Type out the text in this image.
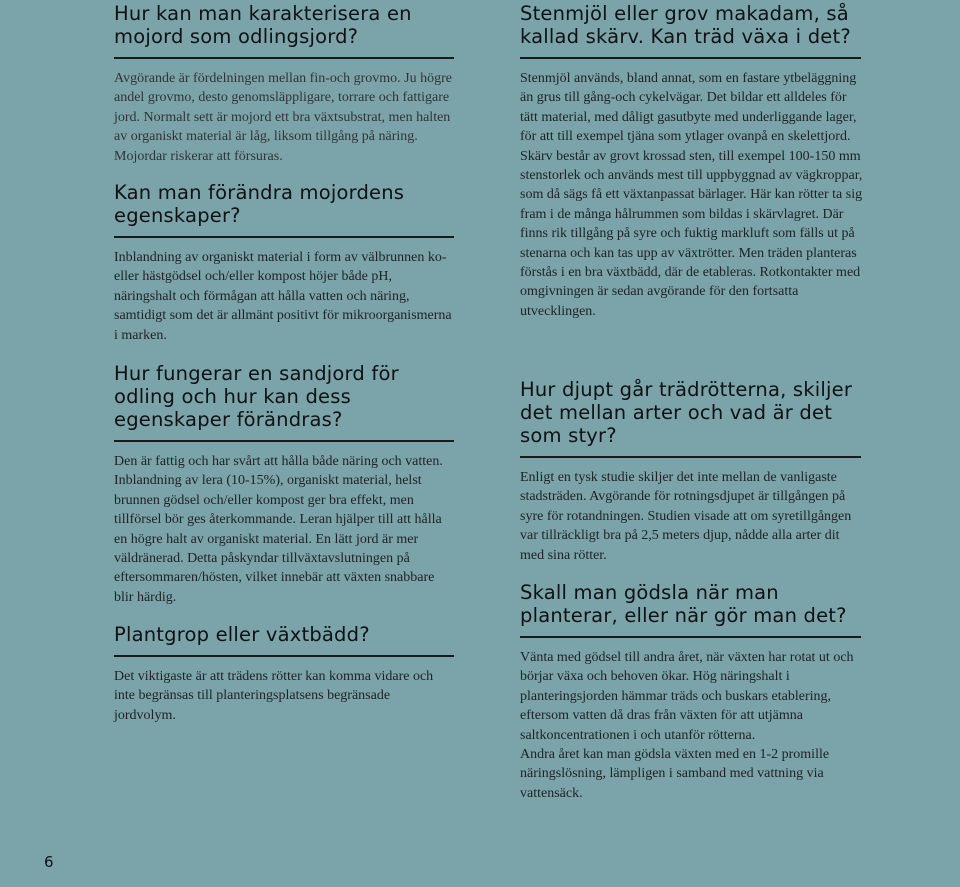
Hur kan man karakterisera en mojord som odlingsjord?

Avgörande är fördelningen mellan fin-och grovmo. Ju högre andel grovmo, desto genomsläppligare, torrare och fattigare jord. Normalt sett är mojord ett bra växtsubstrat, men halten av organiskt material är låg, liksom tillgång på näring. Mojordar riskerar att försuras.

Kan man förändra mojordens egenskaper?

Inblandning av organiskt material i form av välbrunnen ko- eller hästgödsel och/eller kompost höjer både pH, näringshalt och förmågan att hålla vatten och näring, samtidigt som det är allmänt positivt för mikroorganismerna i marken.

Hur fungerar en sandjord för odling och hur kan dess egenskaper förändras?

Den är fattig och har svårt att hålla både näring och vatten. Inblandning av lera (10-15%), organiskt material, helst brunnen gödsel och/eller kompost ger bra effekt, men tillförsel bör ges återkommande. Leran hjälper till att hålla en högre halt av organiskt material. En lätt jord är mer väldränerad. Detta påskyndar tillväxtavslutningen på eftersommaren/hösten, vilket innebär att växten snabbare blir härdig.

Plantgrop eller växtbädd?

Det viktigaste är att trädens rötter kan komma vidare och inte begränsas till planteringsplatsens begränsade jordvolym.

Stenmjöl eller grov makadam, så kallad skärv. Kan träd växa i det?

Stenmjöl används, bland annat, som en fastare ytbeläggning än grus till gång-och cykelvägar. Det bildar ett alldeles för tätt material, med dåligt gasutbyte med underliggande lager, för att till exempel tjäna som ytlager ovanpå en skelettjord. Skärv består av grovt krossad sten, till exempel 100-150 mm stenstorlek och används mest till uppbyggnad av vägkroppar, som då sägs få ett växtanpassat bärlager. Här kan rötter ta sig fram i de många hålrummen som bildas i skärvlagret. Där finns rik tillgång på syre och fuktig markluft som fälls ut på stenarna och kan tas upp av växtrötter. Men träden planteras förstås i en bra växtbädd, där de etableras. Rotkontakter med omgivningen är sedan avgörande för den fortsatta utvecklingen.

Hur djupt går trädrötterna, skiljer det mellan arter och vad är det som styr?

Enligt en tysk studie skiljer det inte mellan de vanligaste stadsträden. Avgörande för rotningsdjupet är tillgången på syre för rotandningen. Studien visade att om syretillgången var tillräckligt bra på 2,5 meters djup, nådde alla arter dit med sina rötter.

Skall man gödsla när man planterar, eller när gör man det?

Vänta med gödsel till andra året, när växten har rotat ut och börjar växa och behoven ökar. Hög näringshalt i planteringsjorden hämmar träds och buskars etablering, eftersom vatten då dras från växten för att utjämna saltkoncentrationen i och utanför rötterna.

Andra året kan man gödsla växten med en 1-2 promille näringslösning, lämpligen i samband med vattning via vattensäck.

6
